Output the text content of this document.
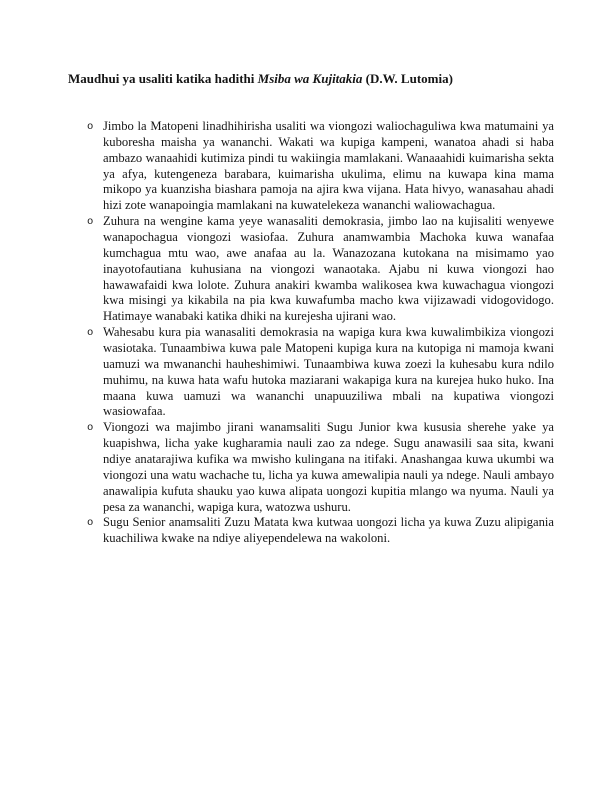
Maudhui ya usaliti katika hadithi Msiba wa Kujitakia (D.W. Lutomia)
o Jimbo la Matopeni linadhihirisha usaliti wa viongozi waliochaguliwa kwa matumaini ya kuboresha maisha ya wananchi. Wakati wa kupiga kampeni, wanatoa ahadi si haba ambazo wanaahidi kutimiza pindi tu wakiingia mamlakani. Wanaaahidi kuimarisha sekta ya afya, kutengeneza barabara, kuimarisha ukulima, elimu na kuwapa kina mama mikopo ya kuanzisha biashara pamoja na ajira kwa vijana. Hata hivyo, wanasahau ahadi hizi zote wanapoingia mamlakani na kuwatelekeza wananchi waliowachagua.
o Zuhura na wengine kama yeye wanasaliti demokrasia, jimbo lao na kujisaliti wenyewe wanapochagua viongozi wasiofaa. Zuhura anamwambia Machoka kuwa wanafaa kumchagua mtu wao, awe anafaa au la. Wanazozana kutokana na misimamo yao inayotofautiana kuhusiana na viongozi wanaotaka. Ajabu ni kuwa viongozi hao hawawafaidi kwa lolote. Zuhura anakiri kwamba walikosea kwa kuwachagua viongozi kwa misingi ya kikabila na pia kwa kuwafumba macho kwa vijizawadi vidogovidogo. Hatimaye wanabaki katika dhiki na kurejesha ujirani wao.
o Wahesabu kura pia wanasaliti demokrasia na wapiga kura kwa kuwalimbikiza viongozi wasiotaka. Tunaambiwa kuwa pale Matopeni kupiga kura na kutopiga ni mamoja kwani uamuzi wa mwananchi hauheshimiwi. Tunaambiwa kuwa zoezi la kuhesabu kura ndilo muhimu, na kuwa hata wafu hutoka maziarani wakapiga kura na kurejea huko huko. Ina maana kuwa uamuzi wa wananchi unapuuziliwa mbali na kupatiwa viongozi wasiowafaa.
o Viongozi wa majimbo jirani wanamsaliti Sugu Junior kwa kususia sherehe yake ya kuapishwa, licha yake kugharamia nauli zao za ndege. Sugu anawasili saa sita, kwani ndiye anatarajiwa kufika wa mwisho kulingana na itifaki. Anashangaa kuwa ukumbi wa viongozi una watu wachache tu, licha ya kuwa amewalipia nauli ya ndege. Nauli ambayo anawalipia kufuta shauku yao kuwa alipata uongozi kupitia mlango wa nyuma. Nauli ya pesa za wananchi, wapiga kura, watozwa ushuru.
o Sugu Senior anamsaliti Zuzu Matata kwa kutwaa uongozi licha ya kuwa Zuzu alipigania kuachiliwa kwake na ndiye aliyependelewa na wakoloni.
